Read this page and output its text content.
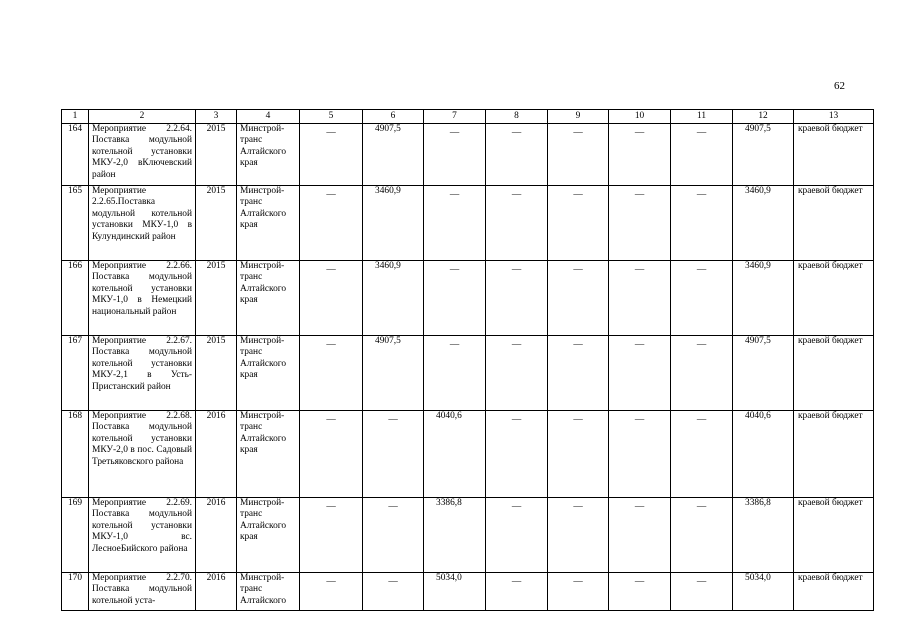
62
1	2	3	4	5	6	7	8	9	10	11	12	13
164	Мероприятие 2.2.64. Поставка модульной котельной установки МКУ-2,0 вКлючевский район	2015	Минстрой-транс Алтайского края	—	4907,5	—	—	—	—	—	4907,5	краевой бюджет
165	Мероприятие 2.2.65.Поставка модульной котельной установки МКУ-1,0 в Кулундинский район	2015	Минстрой-транс Алтайского края	—	3460,9	—	—	—	—	—	3460,9	краевой бюджет
166	Мероприятие 2.2.66. Поставка модульной котельной установки МКУ-1,0 в Немецкий национальный район	2015	Минстрой-транс Алтайского края	—	3460,9	—	—	—	—	—	3460,9	краевой бюджет
167	Мероприятие 2.2.67. Поставка модульной котельной установки МКУ-2,1 в Усть-Пристанский район	2015	Минстрой-транс Алтайского края	—	4907,5	—	—	—	—	—	4907,5	краевой бюджет
168	Мероприятие 2.2.68. Поставка модульной котельной установки МКУ-2,0 в пос. Садовый Третьяковского района	2016	Минстрой-транс Алтайского края	—	—	4040,6	—	—	—	—	4040,6	краевой бюджет
169	Мероприятие 2.2.69. Поставка модульной котельной установки МКУ-1,0 вс. ЛесноеБийского района	2016	Минстрой-транс Алтайского края	—	—	3386,8	—	—	—	—	3386,8	краевой бюджет
170	Мероприятие 2.2.70. Поставка модульной котельной уста-	2016	Минстрой-транс Алтайского	—	—	5034,0	—	—	—	—	5034,0	краевой бюджет
